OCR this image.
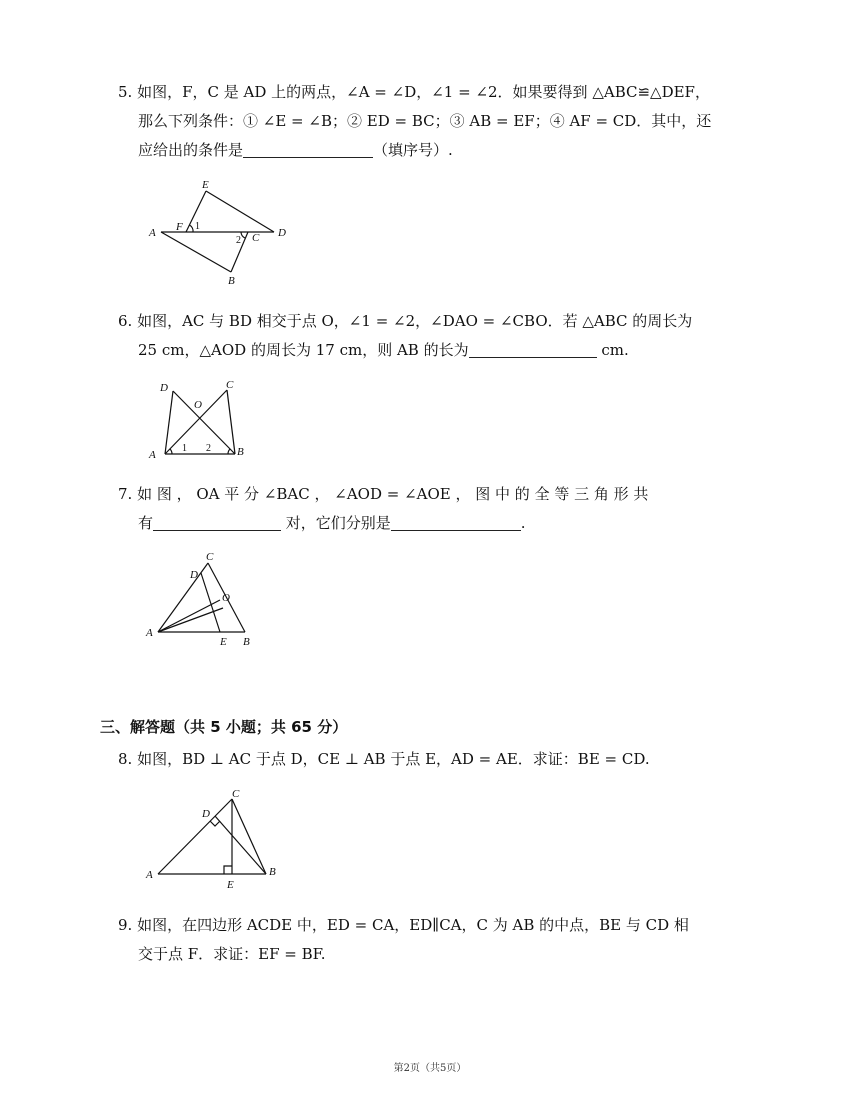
5. 如图，F，C 是 AD 上的两点，∠A = ∠D，∠1 = ∠2．如果要得到 △ABC≌△DEF，
那么下列条件：① ∠E = ∠B；② ED = BC；③ AB = EF；④ AF = CD．其中，还
应给出的条件是	（填序号）.
E
A F 1
2 C D
B
6. 如图，AC 与 BD 相交于点 O，∠1 = ∠2，∠DAO = ∠CBO．若 △ABC 的周长为
25 cm，△AOD 的周长为 17 cm，则 AB 的长为	cm.
D	C
O
A	B
1 2
7. 如 图 ， OA 平 分 ∠BAC ， ∠AOD = ∠AOE ， 图 中 的 全 等 三 角 形 共
有	对，它们分别是	.
C
D
O
A
E B
三、解答题（共 5 小题；共 65 分）
8. 如图，BD ⊥ AC 于点 D，CE ⊥ AB 于点 E，AD = AE．求证：BE = CD.
C
D
A
E
B
9. 如图，在四边形 ACDE 中，ED = CA，ED∥CA，C 为 AB 的中点，BE 与 CD 相
交于点 F．求证：EF = BF.
第2页（共5页）
